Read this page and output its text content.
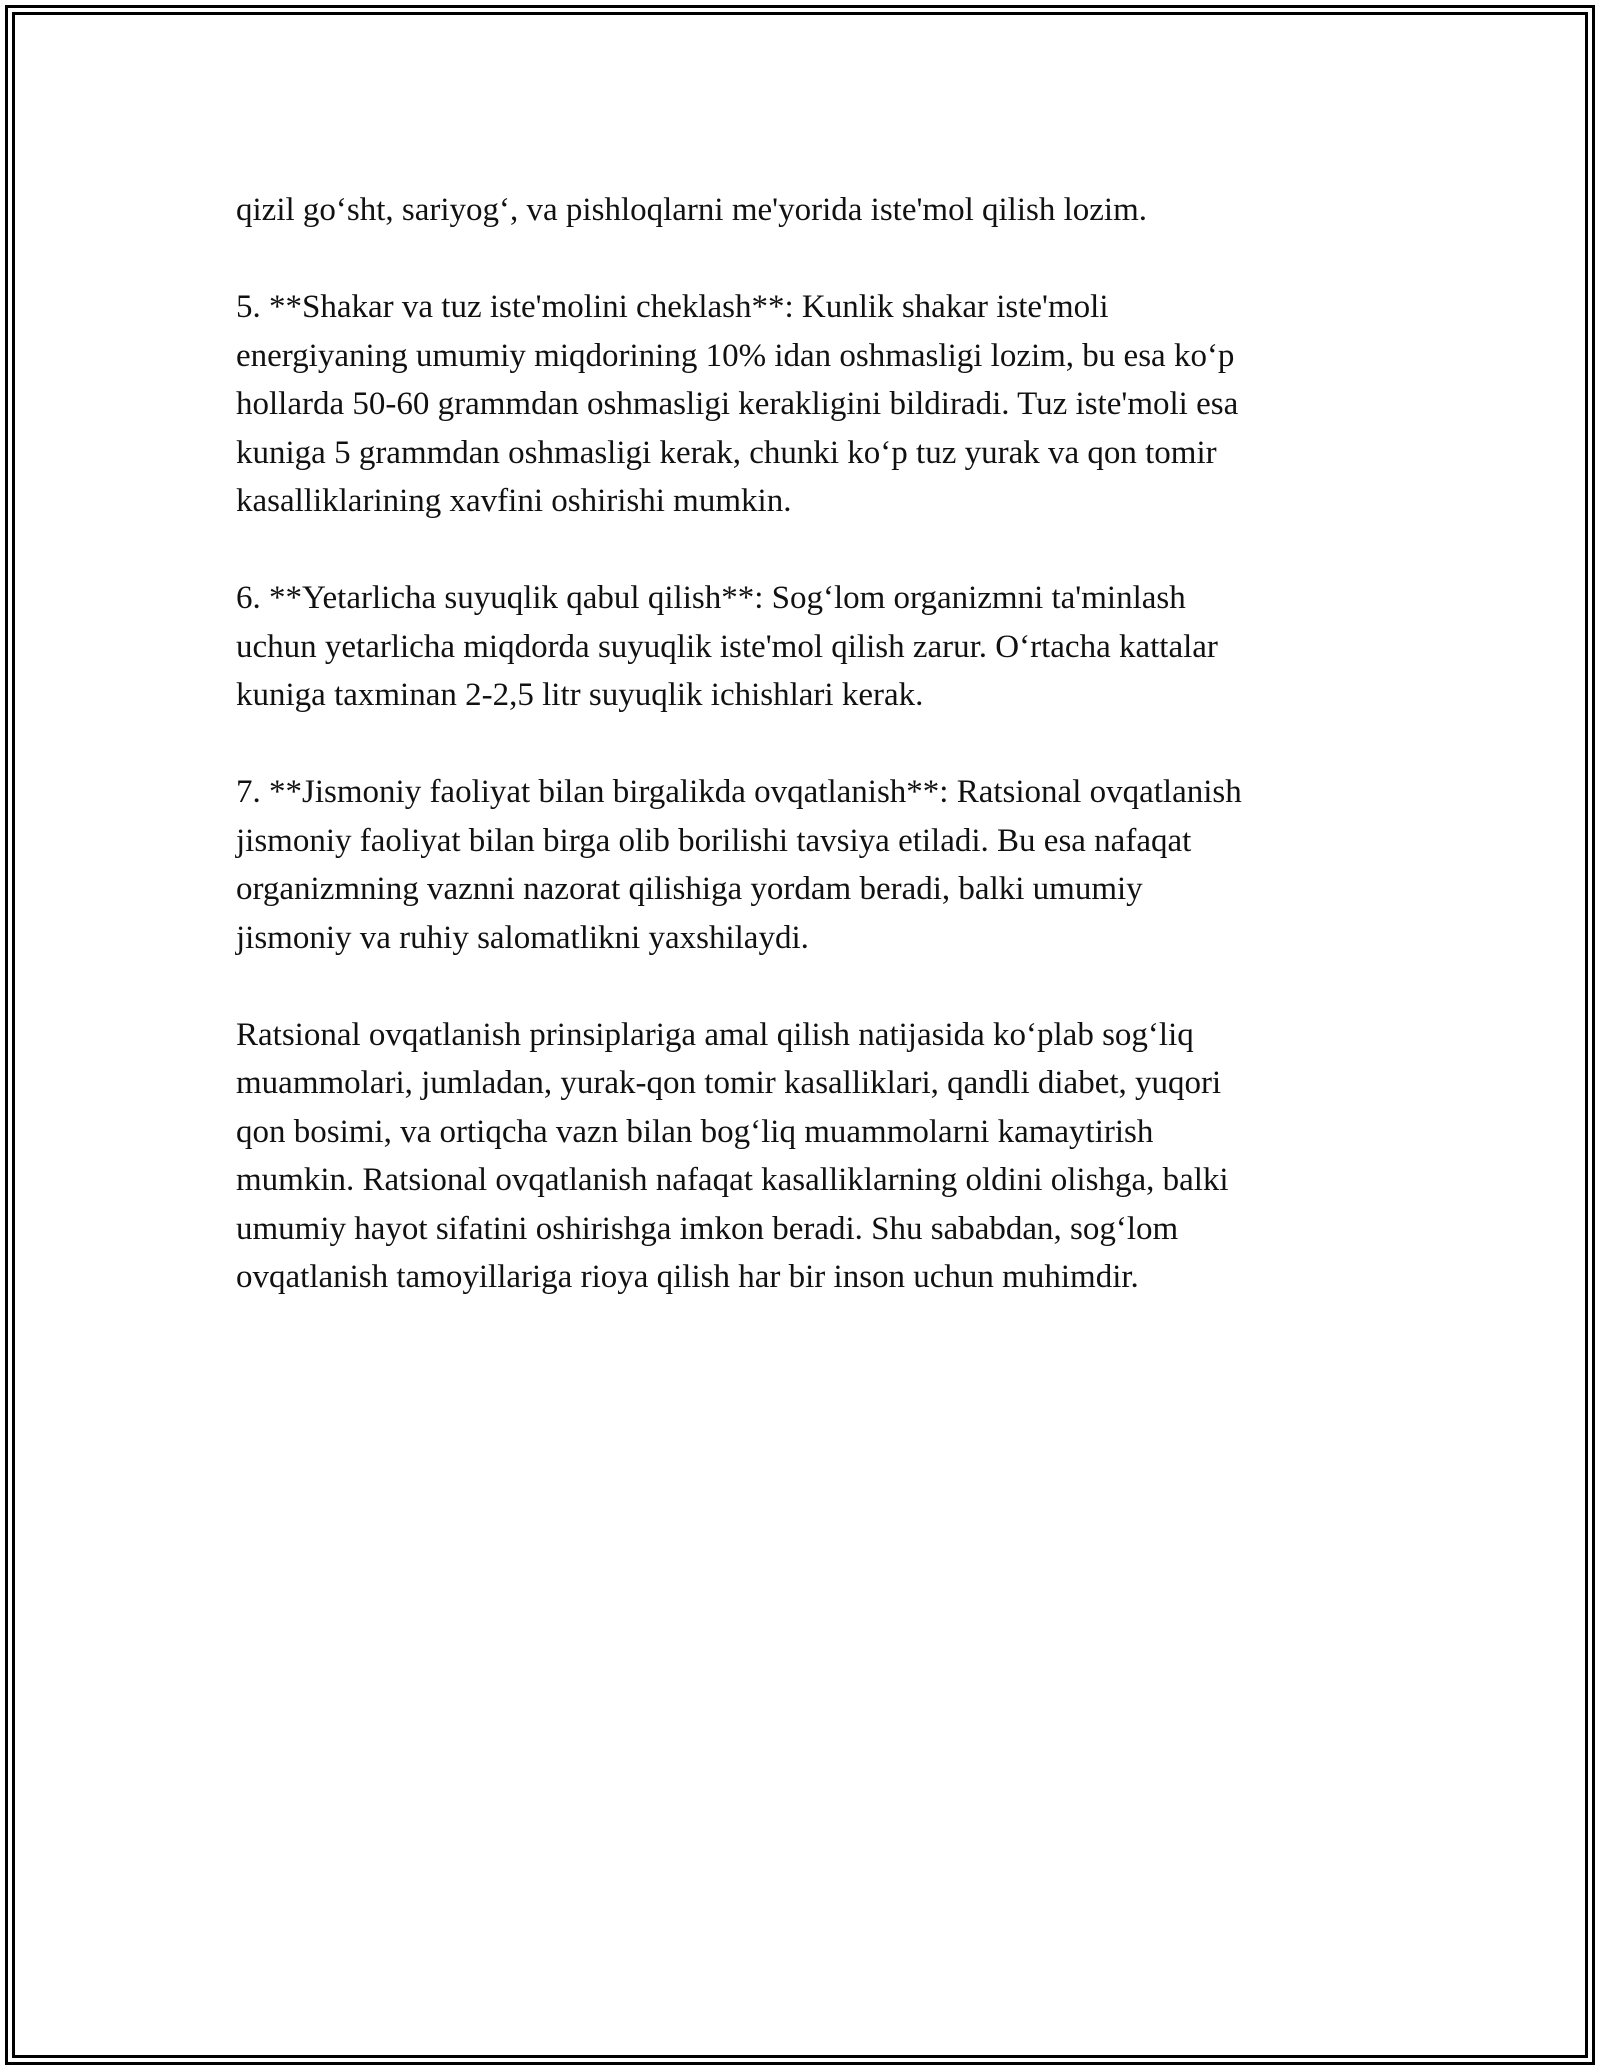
qizil go‘sht, sariyog‘, va pishloqlarni me'yorida iste'mol qilish lozim.

5. **Shakar va tuz iste'molini cheklash**: Kunlik shakar iste'moli
energiyaning umumiy miqdorining 10% idan oshmasligi lozim, bu esa ko‘p
hollarda 50-60 grammdan oshmasligi kerakligini bildiradi. Tuz iste'moli esa
kuniga 5 grammdan oshmasligi kerak, chunki ko‘p tuz yurak va qon tomir
kasalliklarining xavfini oshirishi mumkin.

6. **Yetarlicha suyuqlik qabul qilish**: Sog‘lom organizmni ta'minlash
uchun yetarlicha miqdorda suyuqlik iste'mol qilish zarur. O‘rtacha kattalar
kuniga taxminan 2-2,5 litr suyuqlik ichishlari kerak.

7. **Jismoniy faoliyat bilan birgalikda ovqatlanish**: Ratsional ovqatlanish
jismoniy faoliyat bilan birga olib borilishi tavsiya etiladi. Bu esa nafaqat
organizmning vaznni nazorat qilishiga yordam beradi, balki umumiy
jismoniy va ruhiy salomatlikni yaxshilaydi.

Ratsional ovqatlanish prinsiplariga amal qilish natijasida ko‘plab sog‘liq
muammolari, jumladan, yurak-qon tomir kasalliklari, qandli diabet, yuqori
qon bosimi, va ortiqcha vazn bilan bog‘liq muammolarni kamaytirish
mumkin. Ratsional ovqatlanish nafaqat kasalliklarning oldini olishga, balki
umumiy hayot sifatini oshirishga imkon beradi. Shu sababdan, sog‘lom
ovqatlanish tamoyillariga rioya qilish har bir inson uchun muhimdir.
